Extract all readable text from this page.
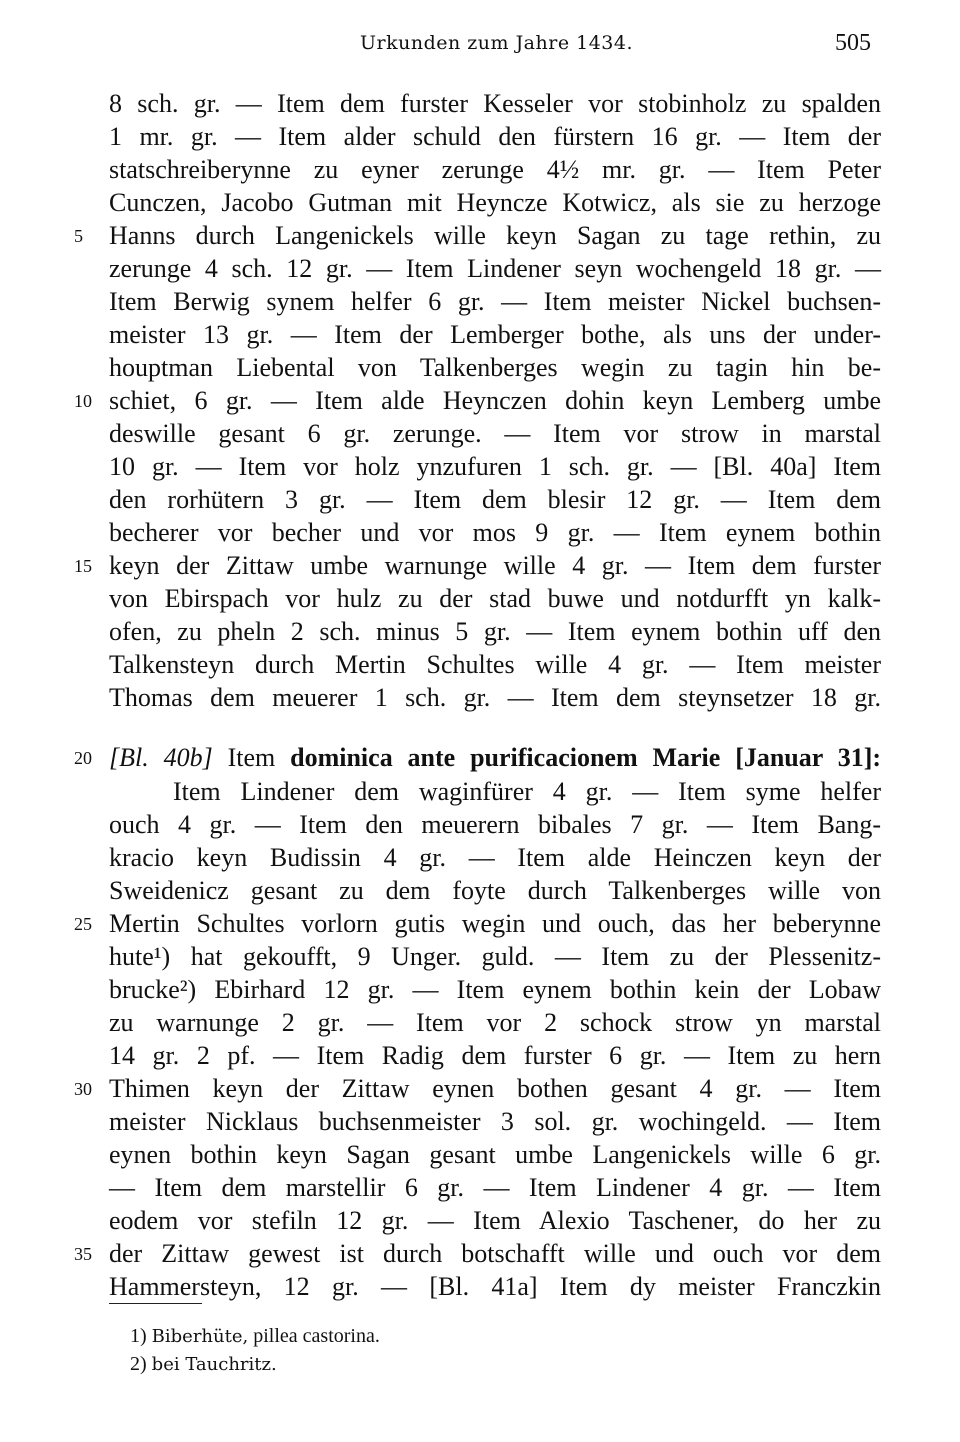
Urkunden zum Jahre 1434.	505
8 sch. gr. — Item dem furster Kesseler vor stobinholz zu spalden
1 mr. gr. — Item alder schuld den fürstern 16 gr. — Item der
statschreiberynne zu eyner zerunge 4½ mr. gr. — Item Peter
Cunczen, Jacobo Gutman mit Heyncze Kotwicz, als sie zu herzoge
Hanns durch Langenickels wille keyn Sagan zu tage rethin, zu
zerunge 4 sch. 12 gr. — Item Lindener seyn wochengeld 18 gr. —
Item Berwig synem helfer 6 gr. — Item meister Nickel buchsen-
meister 13 gr. — Item der Lemberger bothe, als uns der under-
houptman Liebental von Talkenberges wegin zu tagin hin be-
schiet, 6 gr. — Item alde Heynczen dohin keyn Lemberg umbe
deswille gesant 6 gr. zerunge. — Item vor strow in marstal
10 gr. — Item vor holz ynzufuren 1 sch. gr. — [Bl. 40a] Item
den rorhütern 3 gr. — Item dem blesir 12 gr. — Item dem
becherer vor becher und vor mos 9 gr. — Item eynem bothin
keyn der Zittaw umbe warnunge wille 4 gr. — Item dem furster
von Ebirspach vor hulz zu der stad buwe und notdurfft yn kalk-
ofen, zu pheln 2 sch. minus 5 gr. — Item eynem bothin uff den
Talkensteyn durch Mertin Schultes wille 4 gr. — Item meister
Thomas dem meuerer 1 sch. gr. — Item dem steynsetzer 18 gr.
[Bl. 40b] Item dominica ante purificacionem Marie [Januar 31]:
Item Lindener dem waginfürer 4 gr. — Item syme helfer
ouch 4 gr. — Item den meuerern bibales 7 gr. — Item Bang-
kracio keyn Budissin 4 gr. — Item alde Heinczen keyn der
Sweidenicz gesant zu dem foyte durch Talkenberges wille von
Mertin Schultes vorlorn gutis wegin und ouch, das her beberynne
hute¹) hat gekoufft, 9 Unger. guld. — Item zu der Plessenitz-
brucke²) Ebirhard 12 gr. — Item eynem bothin kein der Lobaw
zu warnunge 2 gr. — Item vor 2 schock strow yn marstal
14 gr. 2 pf. — Item Radig dem furster 6 gr. — Item zu hern
Thimen keyn der Zittaw eynen bothen gesant 4 gr. — Item
meister Nicklaus buchsenmeister 3 sol. gr. wochingeld. — Item
eynen bothin keyn Sagan gesant umbe Langenickels wille 6 gr.
— Item dem marstellir 6 gr. — Item Lindener 4 gr. — Item
eodem vor stefiln 12 gr. — Item Alexio Taschener, do her zu
der Zittaw gewest ist durch botschafft wille und ouch vor dem
Hammersteyn, 12 gr. — [Bl. 41a] Item dy meister Franczkin
5
10
15
20
25
30
35
1) Biberhüte, pillea castorina.
2) bei Tauchritz.
